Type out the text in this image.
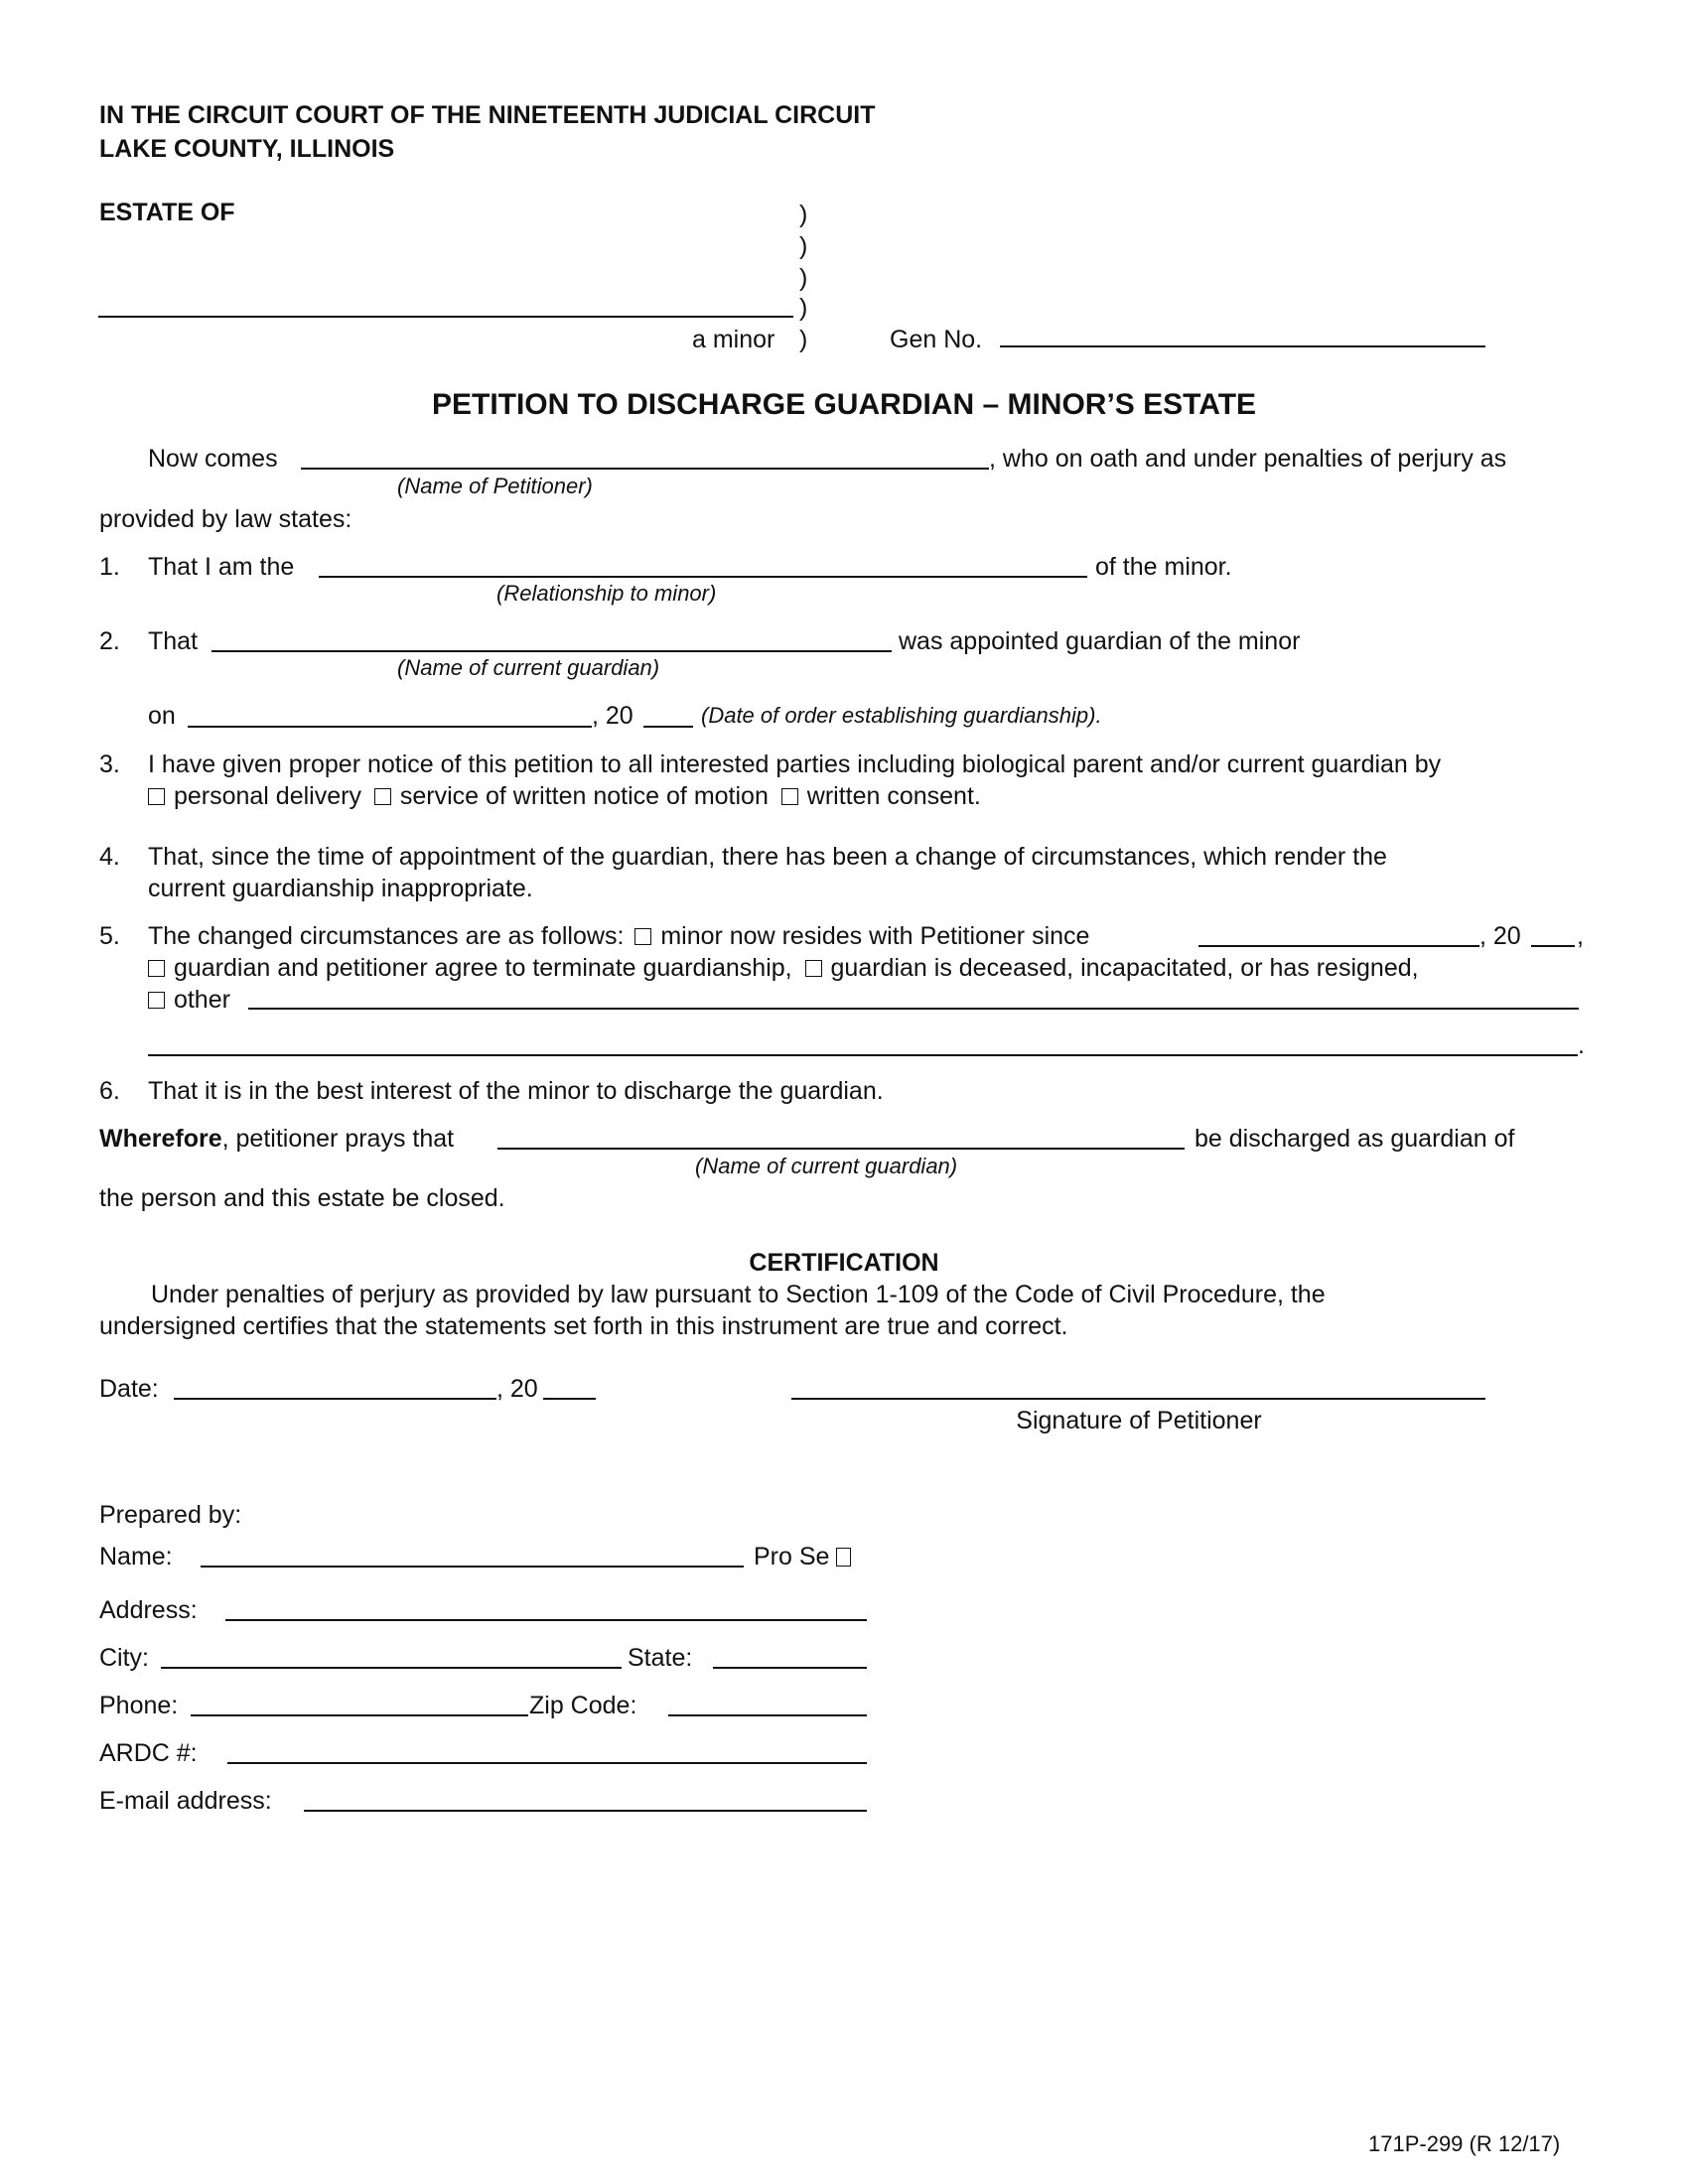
IN THE CIRCUIT COURT OF THE NINETEENTH JUDICIAL CIRCUIT
LAKE COUNTY, ILLINOIS
ESTATE OF	)
)
)
)
a minor )	Gen No.
PETITION TO DISCHARGE GUARDIAN – MINOR’S ESTATE
Now comes	, who on oath and under penalties of perjury as
(Name of Petitioner)
provided by law states:
1. That I am the	of the minor.
(Relationship to minor)
2. That	was appointed guardian of the minor
(Name of current guardian)
on	, 20	(Date of order establishing guardianship).
3. I have given proper notice of this petition to all interested parties including biological parent and/or current guardian by
personal delivery service of written notice of motion written consent.
4. That, since the time of appointment of the guardian, there has been a change of circumstances, which render the
current guardianship inappropriate.
5. The changed circumstances are as follows: minor now resides with Petitioner since	, 20 ,
guardian and petitioner agree to terminate guardianship, guardian is deceased, incapacitated, or has resigned,
other
.
6. That it is in the best interest of the minor to discharge the guardian.
Wherefore, petitioner prays that	be discharged as guardian of
(Name of current guardian)
the person and this estate be closed.
CERTIFICATION
Under penalties of perjury as provided by law pursuant to Section 1-109 of the Code of Civil Procedure, the
undersigned certifies that the statements set forth in this instrument are true and correct.
Date:	, 20
Signature of Petitioner
Prepared by:
Name:	Pro Se
Address:
City:	State:
Phone:	Zip Code:
ARDC #:
E-mail address:
171P-299 (R 12/17)
